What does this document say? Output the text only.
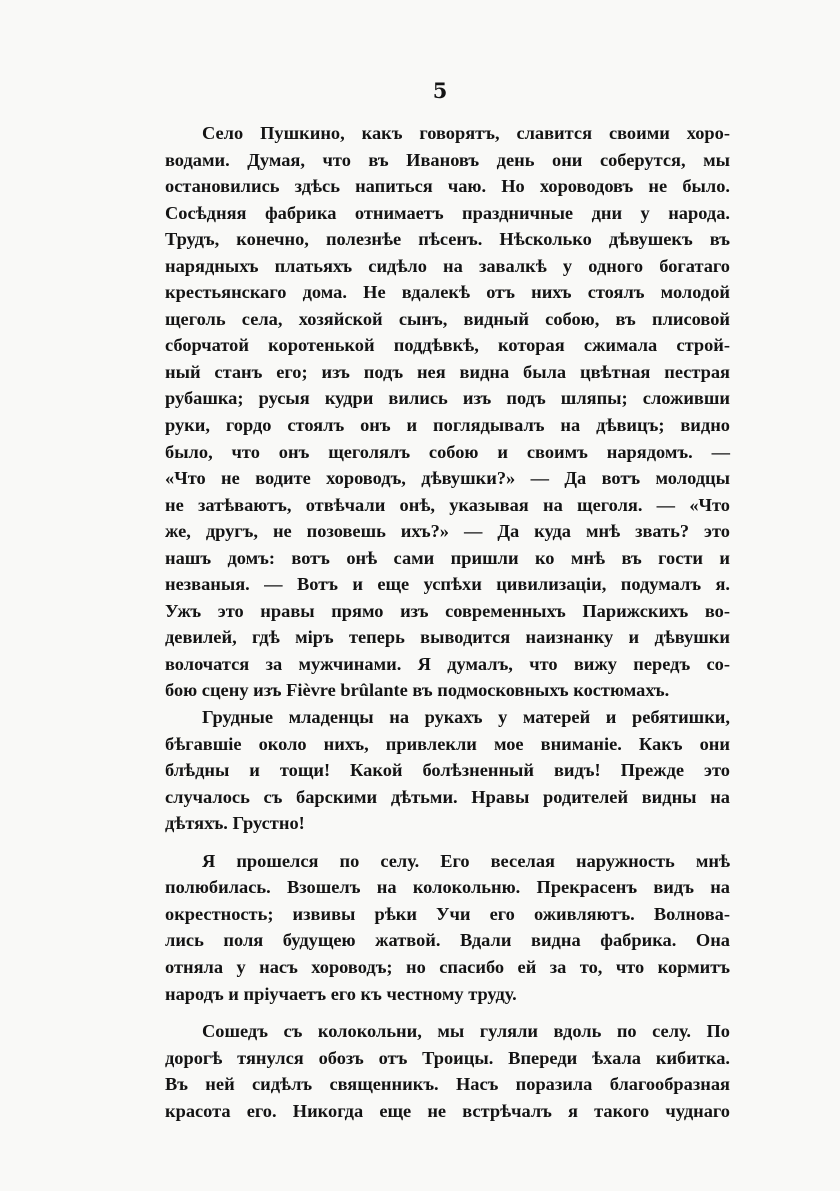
5

Село Пушкино, какъ говорятъ, славится своими хоро-
водами. Думая, что въ Ивановъ день они соберутся, мы
остановились здѣсь напиться чаю. Но хороводовъ не было.
Сосѣдняя фабрика отнимаетъ праздничные дни у народа.
Трудъ, конечно, полезнѣе пѣсенъ. Нѣсколько дѣвушекъ въ
нарядныхъ платьяхъ сидѣло на завалкѣ у одного богатаго
крестьянскаго дома. Не вдалекѣ отъ нихъ стоялъ молодой
щеголь села, хозяйской сынъ, видный собою, въ плисовой
сборчатой коротенькой поддѣвкѣ, которая сжимала строй-
ный станъ его; изъ подъ нея видна была цвѣтная пестрая
рубашка; русыя кудри вились изъ подъ шляпы; сложивши
руки, гордо стоялъ онъ и поглядывалъ на дѣвицъ; видно
было, что онъ щеголялъ собою и своимъ нарядомъ. —
«Что не водите хороводъ, дѣвушки?» — Да вотъ молодцы
не затѣваютъ, отвѣчали онѣ, указывая на щеголя. — «Что
же, другъ, не позовешь ихъ?» — Да куда мнѣ звать? это
нашъ домъ: вотъ онѣ сами пришли ко мнѣ въ гости и
незваныя. — Вотъ и еще успѣхи цивилизаціи, подумалъ я.
Ужъ это нравы прямо изъ современныхъ Парижскихъ во-
девилей, гдѣ міръ теперь выводится наизнанку и дѣвушки
волочатся за мужчинами. Я думалъ, что вижу передъ со-
бою сцену изъ Fièvre brûlante въ подмосковныхъ костюмахъ.

Грудные младенцы на рукахъ у матерей и ребятишки,
бѣгавшіе около нихъ, привлекли мое вниманіе. Какъ они
блѣдны и тощи! Какой болѣзненный видъ! Прежде это
случалось съ барскими дѣтьми. Нравы родителей видны на
дѣтяхъ. Грустно!

Я прошелся по селу. Его веселая наружность мнѣ
полюбилась. Взошелъ на колокольню. Прекрасенъ видъ на
окрестность; извивы рѣки Учи его оживляютъ. Волнова-
лись поля будущею жатвой. Вдали видна фабрика. Она
отняла у насъ хороводъ; но спасибо ей за то, что кормитъ
народъ и пріучаетъ его къ честному труду.

Сошедъ съ колокольни, мы гуляли вдоль по селу. По
дорогѣ тянулся обозъ отъ Троицы. Впереди ѣхала кибитка.
Въ ней сидѣлъ священникъ. Насъ поразила благообразная
красота его. Никогда еще не встрѣчалъ я такого чуднаго
